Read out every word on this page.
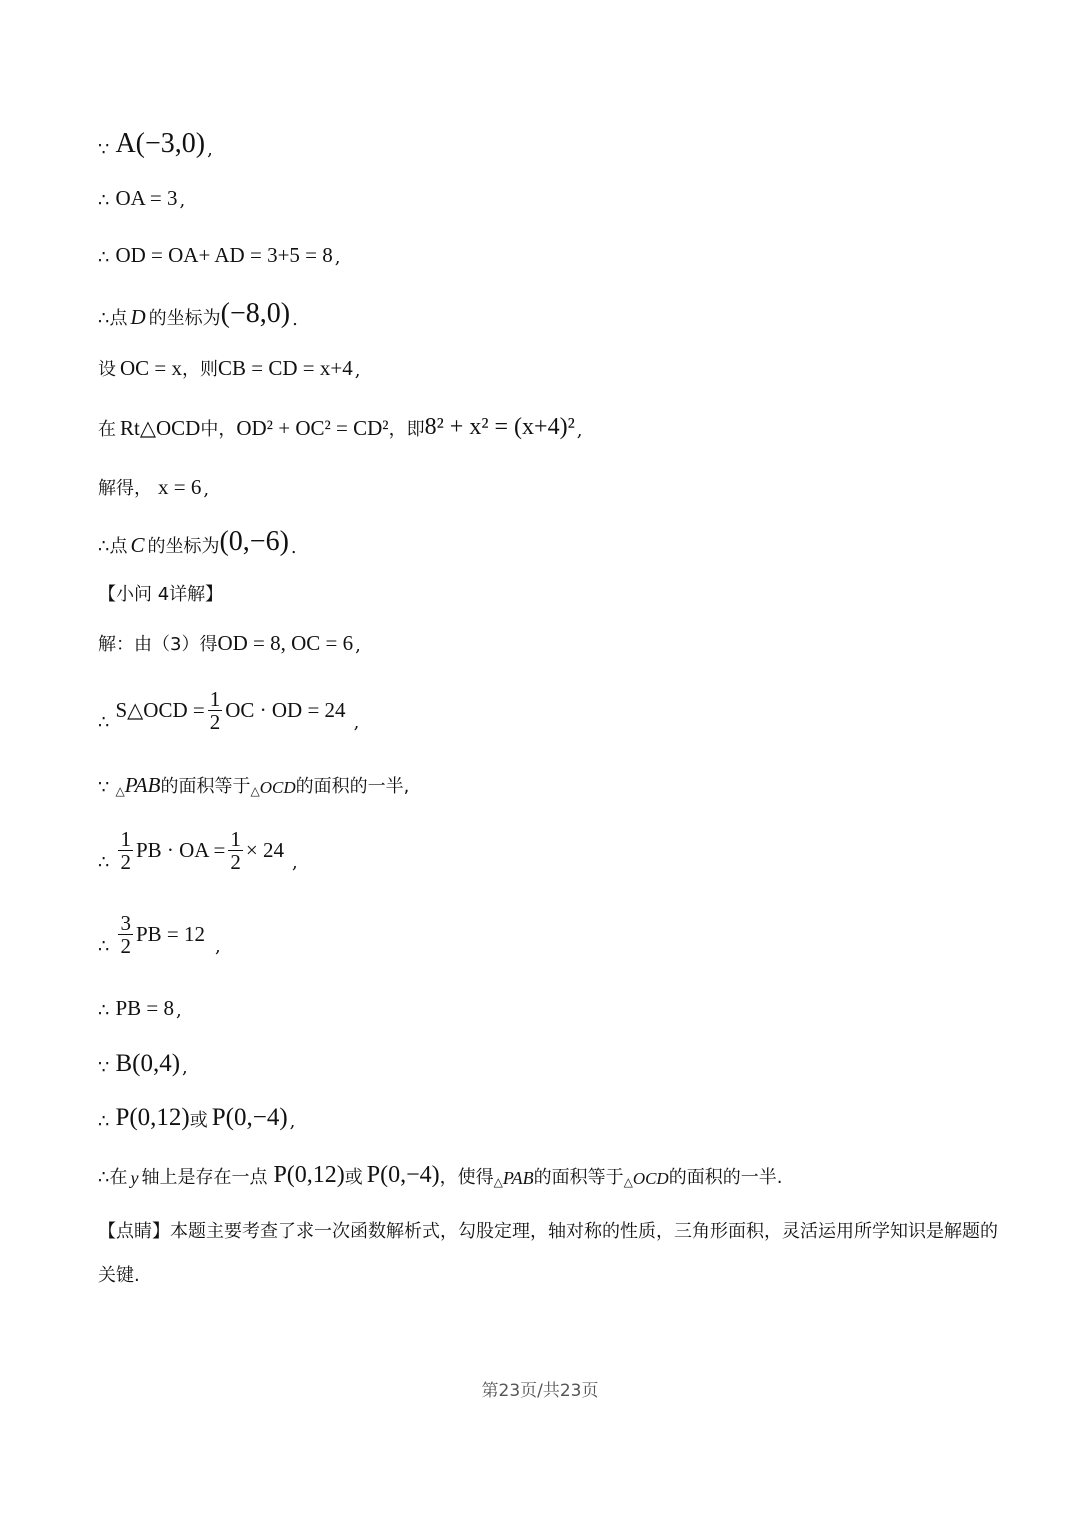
∵ A(−3,0) ,
∴ OA = 3 ,
∴ OD = OA+ AD = 3+5 = 8 ,
∴点 D 的坐标为 (−8,0) .
设 OC = x ，则 CB = CD = x+4 ,
在 Rt△OCD 中， OD² + OC² = CD² ，即 8² + x² = (x+4)² ,
解得， x = 6 ,
∴点 C 的坐标为 (0,−6) .
【小问 4详解】
解：由（3）得 OD = 8, OC = 6 ,
∴
S△OCD = $\frac{1}{2}$ OC · OD = 24
,
∵ △ PAB 的面积等于 △ OCD 的面积的一半,
∴ $\frac{1}{2}$ PB · OA = $\frac{1}{2} \times 24$
,
∴ $\frac{3}{2}$ PB = 12
,
∴ PB = 8 ,
∵ B(0,4) ,
∴ P(0,12) 或 P(0,−4) ,
∴在 y 轴上是存在一点 P(0,12) 或 P(0,−4) ，使得 △ PAB 的面积等于 △ OCD 的面积的一半.
【点睛】本题主要考查了求一次函数解析式，勾股定理，轴对称的性质，三角形面积，灵活运用所学知识是解题的关键.
第23页/共23页
